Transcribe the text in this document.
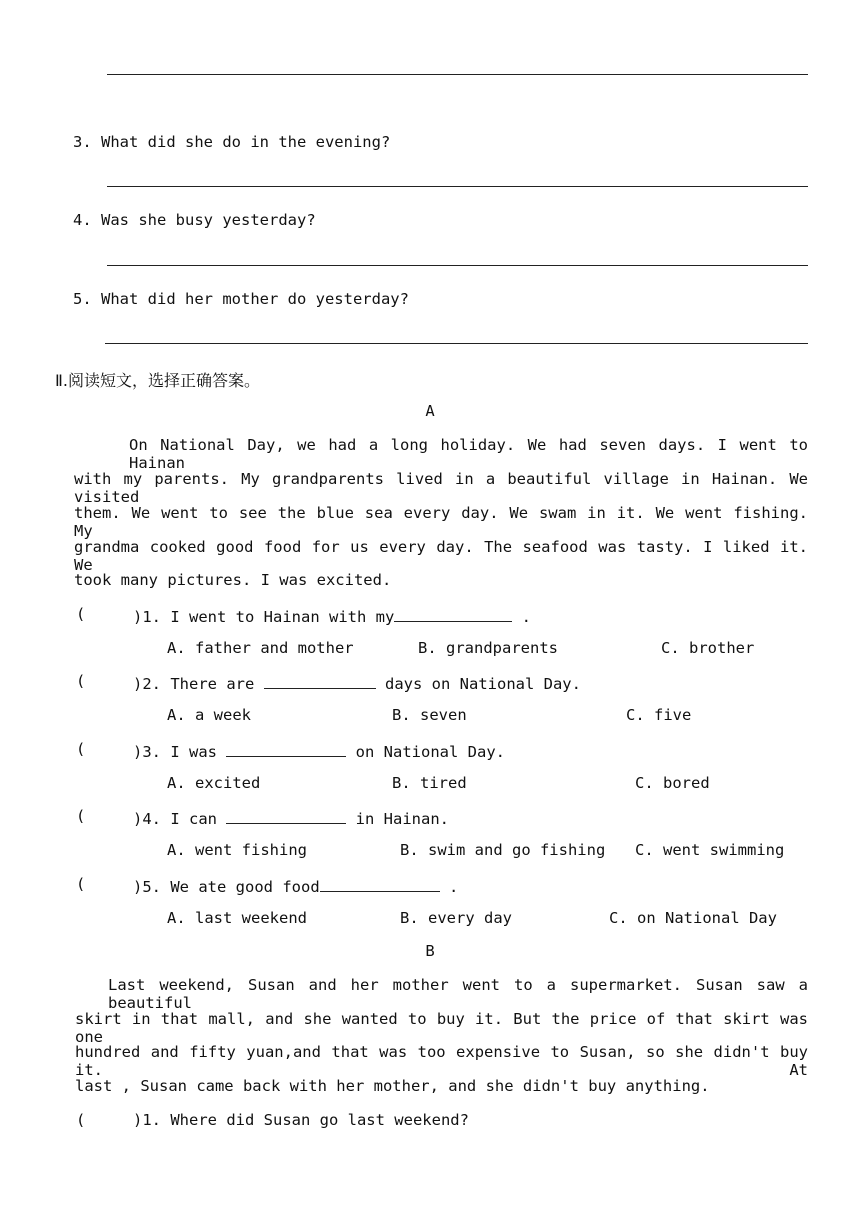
3. What did she do in the evening?
4. Was she busy yesterday?
5. What did her mother do yesterday?
Ⅱ.阅读短文，选择正确答案。
A
On National Day, we had a long holiday. We had seven days. I went to Hainan
with my parents. My grandparents lived in a beautiful village in Hainan. We visited
them. We went to see the blue sea every day. We swam in it. We went fishing. My
grandma cooked good food for us every day. The seafood was tasty. I liked it. We
took many pictures. I was excited.
(	)1. I went to Hainan with my	.
A. father and mother	B. grandparents	C. brother
(	)2. There are	days on National Day.
A. a week	B. seven	C. five
(	)3. I was	on National Day.
A. excited	B. tired	C. bored
(	)4. I can	in Hainan.
A. went fishing	B. swim and go fishing C. went swimming
(	)5. We ate good food	.
A. last weekend	B. every day	C. on National Day
B
Last weekend, Susan and her mother went to a supermarket. Susan saw a beautiful
skirt in that mall, and she wanted to buy it. But the price of that skirt was one
hundred and fifty yuan,and that was too expensive to Susan, so she didn't buy it. At
last , Susan came back with her mother, and she didn't buy anything.
(	)1. Where did Susan go last weekend?
